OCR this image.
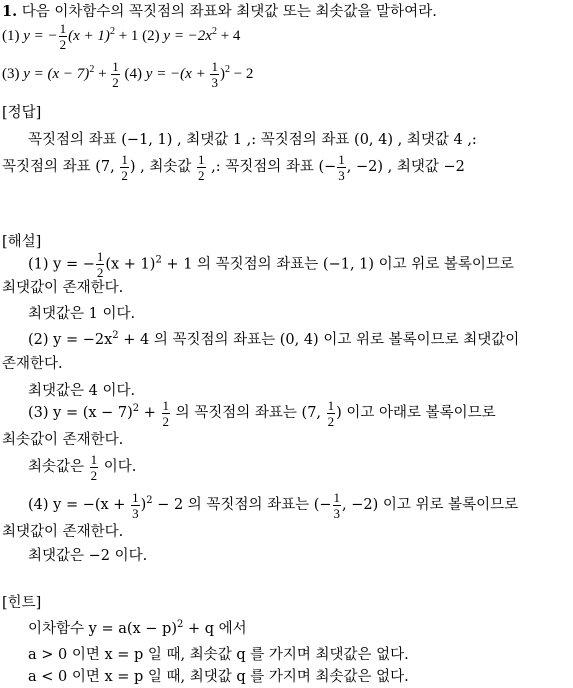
1. 다음 이차함수의 꼭짓점의 좌표와 최댓값 또는 최솟값을 말하여라.
(1) y = − $\frac{1}{2} (x + 1)^2 + 1$ (2) $y = -2x^2 + 4$
(3) $y = (x - 7)^2 + \frac{1}{2} (4)$ $y = -(x + \frac{1}{3} )^2 - 2$
[정답]
꼭짓점의 좌표 (−1, 1) , 최댓값 1 ,: 꼭짓점의 좌표 (0, 4) , 최댓값 4 ,:
꼭짓점의 좌표 (7, $\frac{1}{2}$ ) , 최솟값 $\frac{1}{2}$ ,: 꼭짓점의 좌표 (− $\frac{1}{3}$ , −2) , 최댓값 −2
[해설]
(1) y = − $\frac{1}{2} (x + 1)^2 + 1$ 의 꼭짓점의 좌표는 (−1, 1) 이고 위로 볼록이므로
최댓값이 존재한다.
최댓값은 1 이다.
(2) $y = -2x^2 + 4$ 의 꼭짓점의 좌표는 (0, 4) 이고 위로 볼록이므로 최댓값이
존재한다.
최댓값은 4 이다.
(3) $y = (x - 7)^2 + \frac{1}{2}$ 의 꼭짓점의 좌표는 (7, $\frac{1}{2}$ ) 이고 아래로 볼록이므로
최솟값이 존재한다.
최솟값은 $\frac{1}{2}$ 이다.
(4) $y = -(x + \frac{1}{3} )^2 - 2$ 의 꼭짓점의 좌표는 (− $\frac{1}{3}$ , −2) 이고 위로 볼록이므로
최댓값이 존재한다.
최댓값은 −2 이다.
[힌트]
이차함수 $y = a(x - p)^2 + q$ 에서
a > 0 이면 x = p 일 때, 최솟값 q 를 가지며 최댓값은 없다.
a < 0 이면 x = p 일 때, 최댓값 q 를 가지며 최솟값은 없다.
